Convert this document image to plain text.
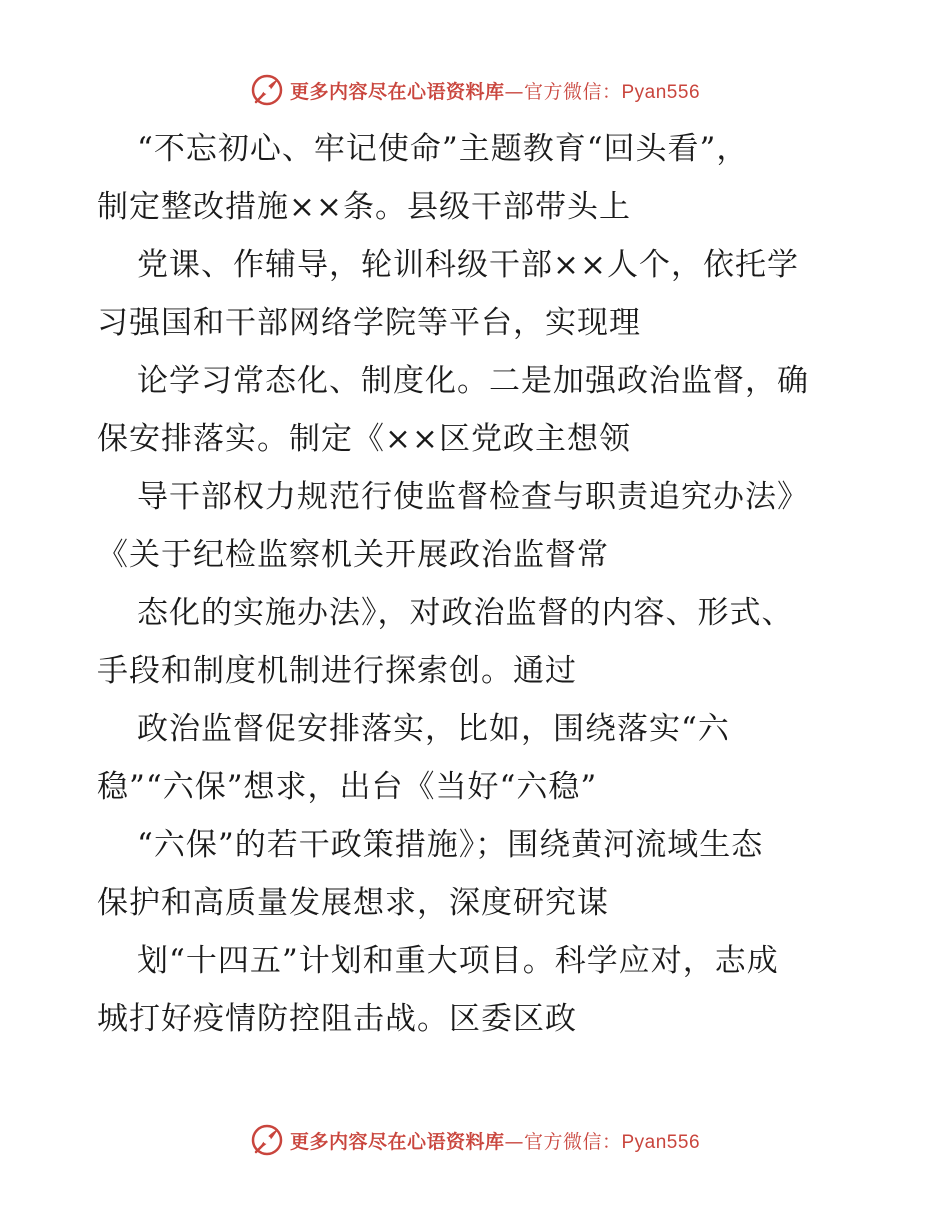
更多内容尽在心语资料库—官方微信：Pyan556
“不忘初心、牢记使命”主题教育“回头看”，
制定整改措施××条。县级干部带头上
党课、作辅导，轮训科级干部××人个，依托学
习强国和干部网络学院等平台，实现理
论学习常态化、制度化。二是加强政治监督，确
保安排落实。制定《××区党政主想领
导干部权力规范行使监督检查与职责追究办法》
《关于纪检监察机关开展政治监督常
态化的实施办法》，对政治监督的内容、形式、
手段和制度机制进行探索创。通过
政治监督促安排落实，比如，围绕落实“六
稳”“六保”想求，出台《当好“六稳”
“六保”的若干政策措施》；围绕黄河流域生态
保护和高质量发展想求，深度研究谋
划“十四五”计划和重大项目。科学应对，志成
城打好疫情防控阻击战。区委区政
更多内容尽在心语资料库—官方微信：Pyan556
